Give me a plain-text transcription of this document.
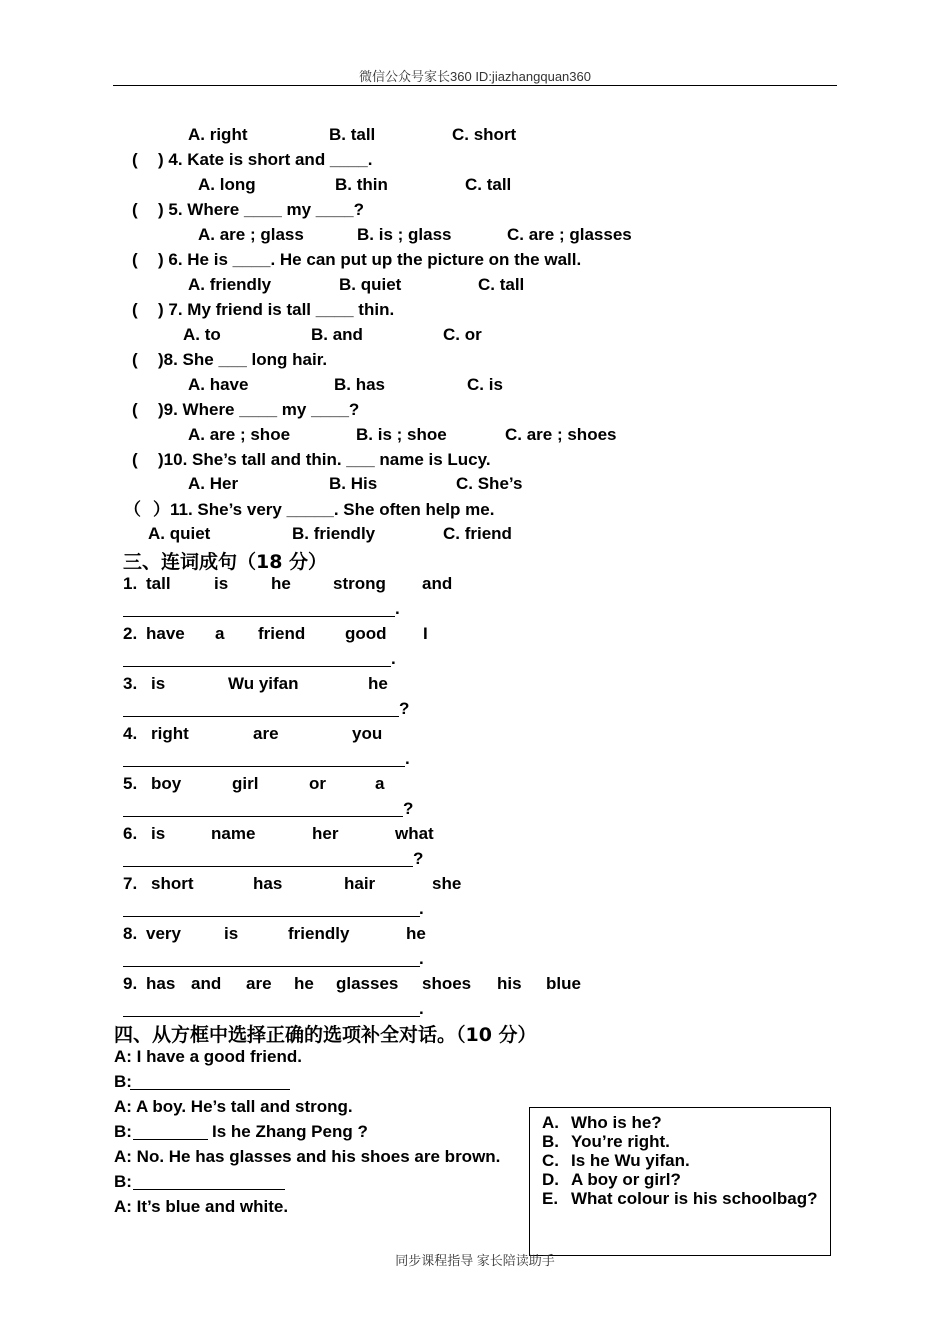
微信公众号家长360 ID:jiazhangquan360
A. right	B. tall	C. short
( ) 4. Kate is short and ____.
A. long	B. thin	C. tall
( ) 5. Where ____ my ____?
A. are ; glass	B. is ; glass	C. are ; glasses
( ) 6. He is ____. He can put up the picture on the wall.
A. friendly	B. quiet	C. tall
( ) 7. My friend is tall ____ thin.
A. to	B. and	C. or
( )8. She ___ long hair.
A. have	B. has	C. is
( )9. Where ____ my ____?
A. are ; shoe	B. is ; shoe	C. are ; shoes
( )10. She’s tall and thin. ___ name is Lucy.
A. Her	B. His	C. She’s
（ ）11. She’s very _____. She often help me.
A. quiet	B. friendly	C. friend
三、连词成句（18 分）
1. tall	is	he strong and
.
2. have a friend good I
.
3. is	Wu yifan	he
?
4. right	are	you
.
5. boy	girl	or	a
?
6. is	name	her	what
?
7. short	has	hair	she
.
8. very	is	friendly	he
.
9. has and are he glasses shoes his blue
.
四、从方框中选择正确的选项补全对话。（10 分）
A: I have a good friend.
B:
A: A boy. He’s tall and strong.
B:	Is he Zhang Peng ?
A: No. He has glasses and his shoes are brown.
B:
A: It’s blue and white.
A. Who is he?
B. You’re right.
C. Is he Wu yifan.
D. A boy or girl?
E. What colour is his schoolbag?
同步课程指导 家长陪读助手
